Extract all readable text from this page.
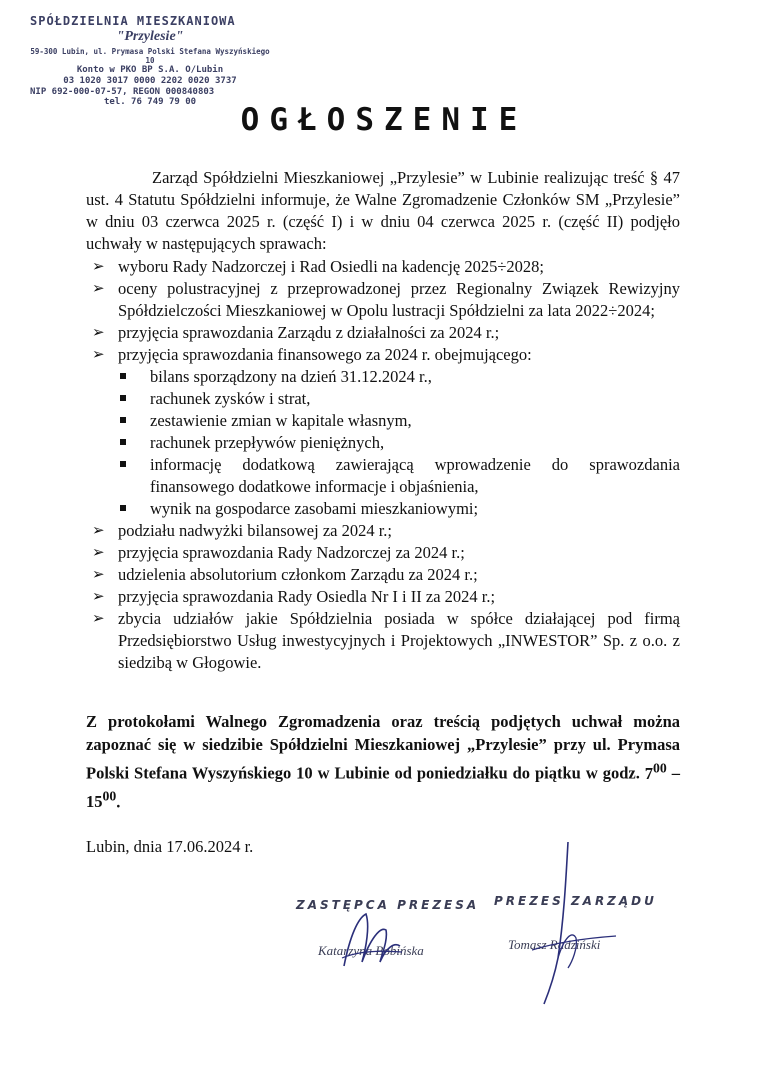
SPÓŁDZIELNIA MIESZKANIOWA
"Przylesie"
59-300 Lubin, ul. Prymasa Polski Stefana Wyszyńskiego 10
Konto w PKO BP S.A. O/Lubin
03 1020 3017 0000 2202 0020 3737
NIP 692-000-07-57, REGON 000840803
tel. 76 749 79 00	OGŁOSZENIE

Zarząd Spółdzielni Mieszkaniowej „Przylesie” w Lubinie realizując treść § 47 ust. 4 Statutu Spółdzielni informuje, że Walne Zgromadzenie Członków SM „Przylesie” w dniu 03 czerwca 2025 r. (część I) i w dniu 04 czerwca 2025 r. (część II) podjęło uchwały w następujących sprawach:

➢ wyboru Rady Nadzorczej i Rad Osiedli na kadencję 2025÷2028;
➢ oceny polustracyjnej z przeprowadzonej przez Regionalny Związek Rewizyjny Spółdzielczości Mieszkaniowej w Opolu lustracji Spółdzielni za lata 2022÷2024;
➢ przyjęcia sprawozdania Zarządu z działalności za 2024 r.;
➢ przyjęcia sprawozdania finansowego za 2024 r. obejmującego:
bilans sporządzony na dzień 31.12.2024 r.,
rachunek zysków i strat,
zestawienie zmian w kapitale własnym,
rachunek przepływów pieniężnych,
informację dodatkową zawierającą wprowadzenie do sprawozdania finansowego dodatkowe informacje i objaśnienia,
wynik na gospodarce zasobami mieszkaniowymi;
➢ podziału nadwyżki bilansowej za 2024 r.;
➢ przyjęcia sprawozdania Rady Nadzorczej za 2024 r.;
➢ udzielenia absolutorium członkom Zarządu za 2024 r.;
➢ przyjęcia sprawozdania Rady Osiedla Nr I i II za 2024 r.;
➢ zbycia udziałów jakie Spółdzielnia posiada w spółce działającej pod firmą Przedsiębiorstwo Usług inwestycyjnych i Projektowych „INWESTOR” Sp. z o.o. z siedzibą w Głogowie.

Z protokołami Walnego Zgromadzenia oraz treścią podjętych uchwał można zapoznać się w siedzibie Spółdzielni Mieszkaniowej „Przylesie” przy ul. Prymasa Polski Stefana Wyszyńskiego 10 w Lubinie od poniedziałku do piątku w godz. $7^{00} - 15^{00}$.

Lubin, dnia 17.06.2024 r.
ZASTĘPCA PREZESA
Katarzyna Bobińska
PREZES ZARZĄDU
Tomasz Radziński
